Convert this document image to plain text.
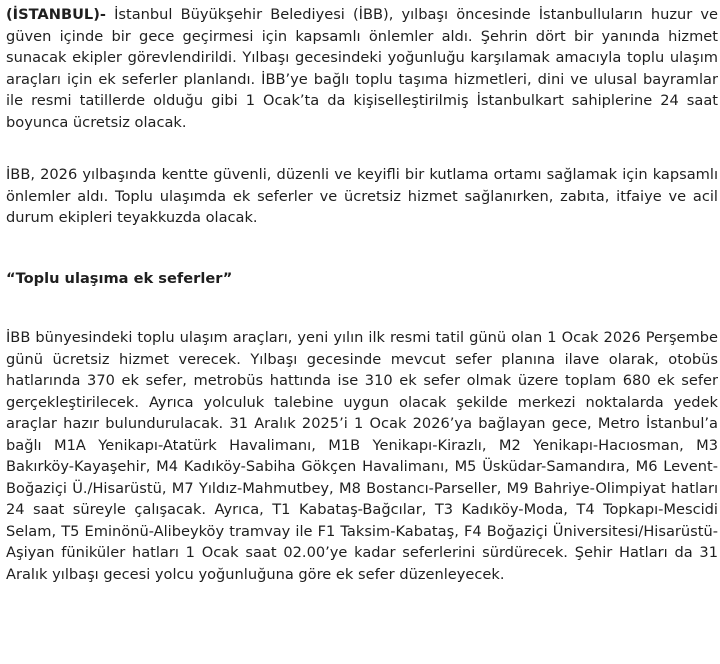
(İSTANBUL)- İstanbul Büyükşehir Belediyesi (İBB), yılbaşı öncesinde İstanbulluların huzur ve güven içinde bir gece geçirmesi için kapsamlı önlemler aldı. Şehrin dört bir yanında hizmet sunacak ekipler görevlendirildi. Yılbaşı gecesindeki yoğunluğu karşılamak amacıyla toplu ulaşım araçları için ek seferler planlandı. İBB’ye bağlı toplu taşıma hizmetleri, dini ve ulusal bayramlar ile resmi tatillerde olduğu gibi 1 Ocak’ta da kişiselleştirilmiş İstanbulkart sahiplerine 24 saat boyunca ücretsiz olacak.

İBB, 2026 yılbaşında kentte güvenli, düzenli ve keyifli bir kutlama ortamı sağlamak için kapsamlı önlemler aldı. Toplu ulaşımda ek seferler ve ücretsiz hizmet sağlanırken, zabıta, itfaiye ve acil durum ekipleri teyakkuzda olacak.

“Toplu ulaşıma ek seferler”

İBB bünyesindeki toplu ulaşım araçları, yeni yılın ilk resmi tatil günü olan 1 Ocak 2026 Perşembe günü ücretsiz hizmet verecek. Yılbaşı gecesinde mevcut sefer planına ilave olarak, otobüs hatlarında 370 ek sefer, metrobüs hattında ise 310 ek sefer olmak üzere toplam 680 ek sefer gerçekleştirilecek. Ayrıca yolculuk talebine uygun olacak şekilde merkezi noktalarda yedek araçlar hazır bulundurulacak. 31 Aralık 2025’i 1 Ocak 2026’ya bağlayan gece, Metro İstanbul’a bağlı M1A Yenikapı-Atatürk Havalimanı, M1B Yenikapı-Kirazlı, M2 Yenikapı-Hacıosman, M3 Bakırköy-Kayaşehir, M4 Kadıköy-Sabiha Gökçen Havalimanı, M5 Üsküdar-Samandıra, M6 Levent-Boğaziçi Ü./Hisarüstü, M7 Yıldız-Mahmutbey, M8 Bostancı-Parseller, M9 Bahriye-Olimpiyat hatları 24 saat süreyle çalışacak. Ayrıca, T1 Kabataş-Bağcılar, T3 Kadıköy-Moda, T4 Topkapı-Mescidi Selam, T5 Eminönü-Alibeyköy tramvay ile F1 Taksim-Kabataş, F4 Boğaziçi Üniversitesi/Hisarüstü-Aşiyan füniküler hatları 1 Ocak saat 02.00’ye kadar seferlerini sürdürecek. Şehir Hatları da 31 Aralık yılbaşı gecesi yolcu yoğunluğuna göre ek sefer düzenleyecek.
